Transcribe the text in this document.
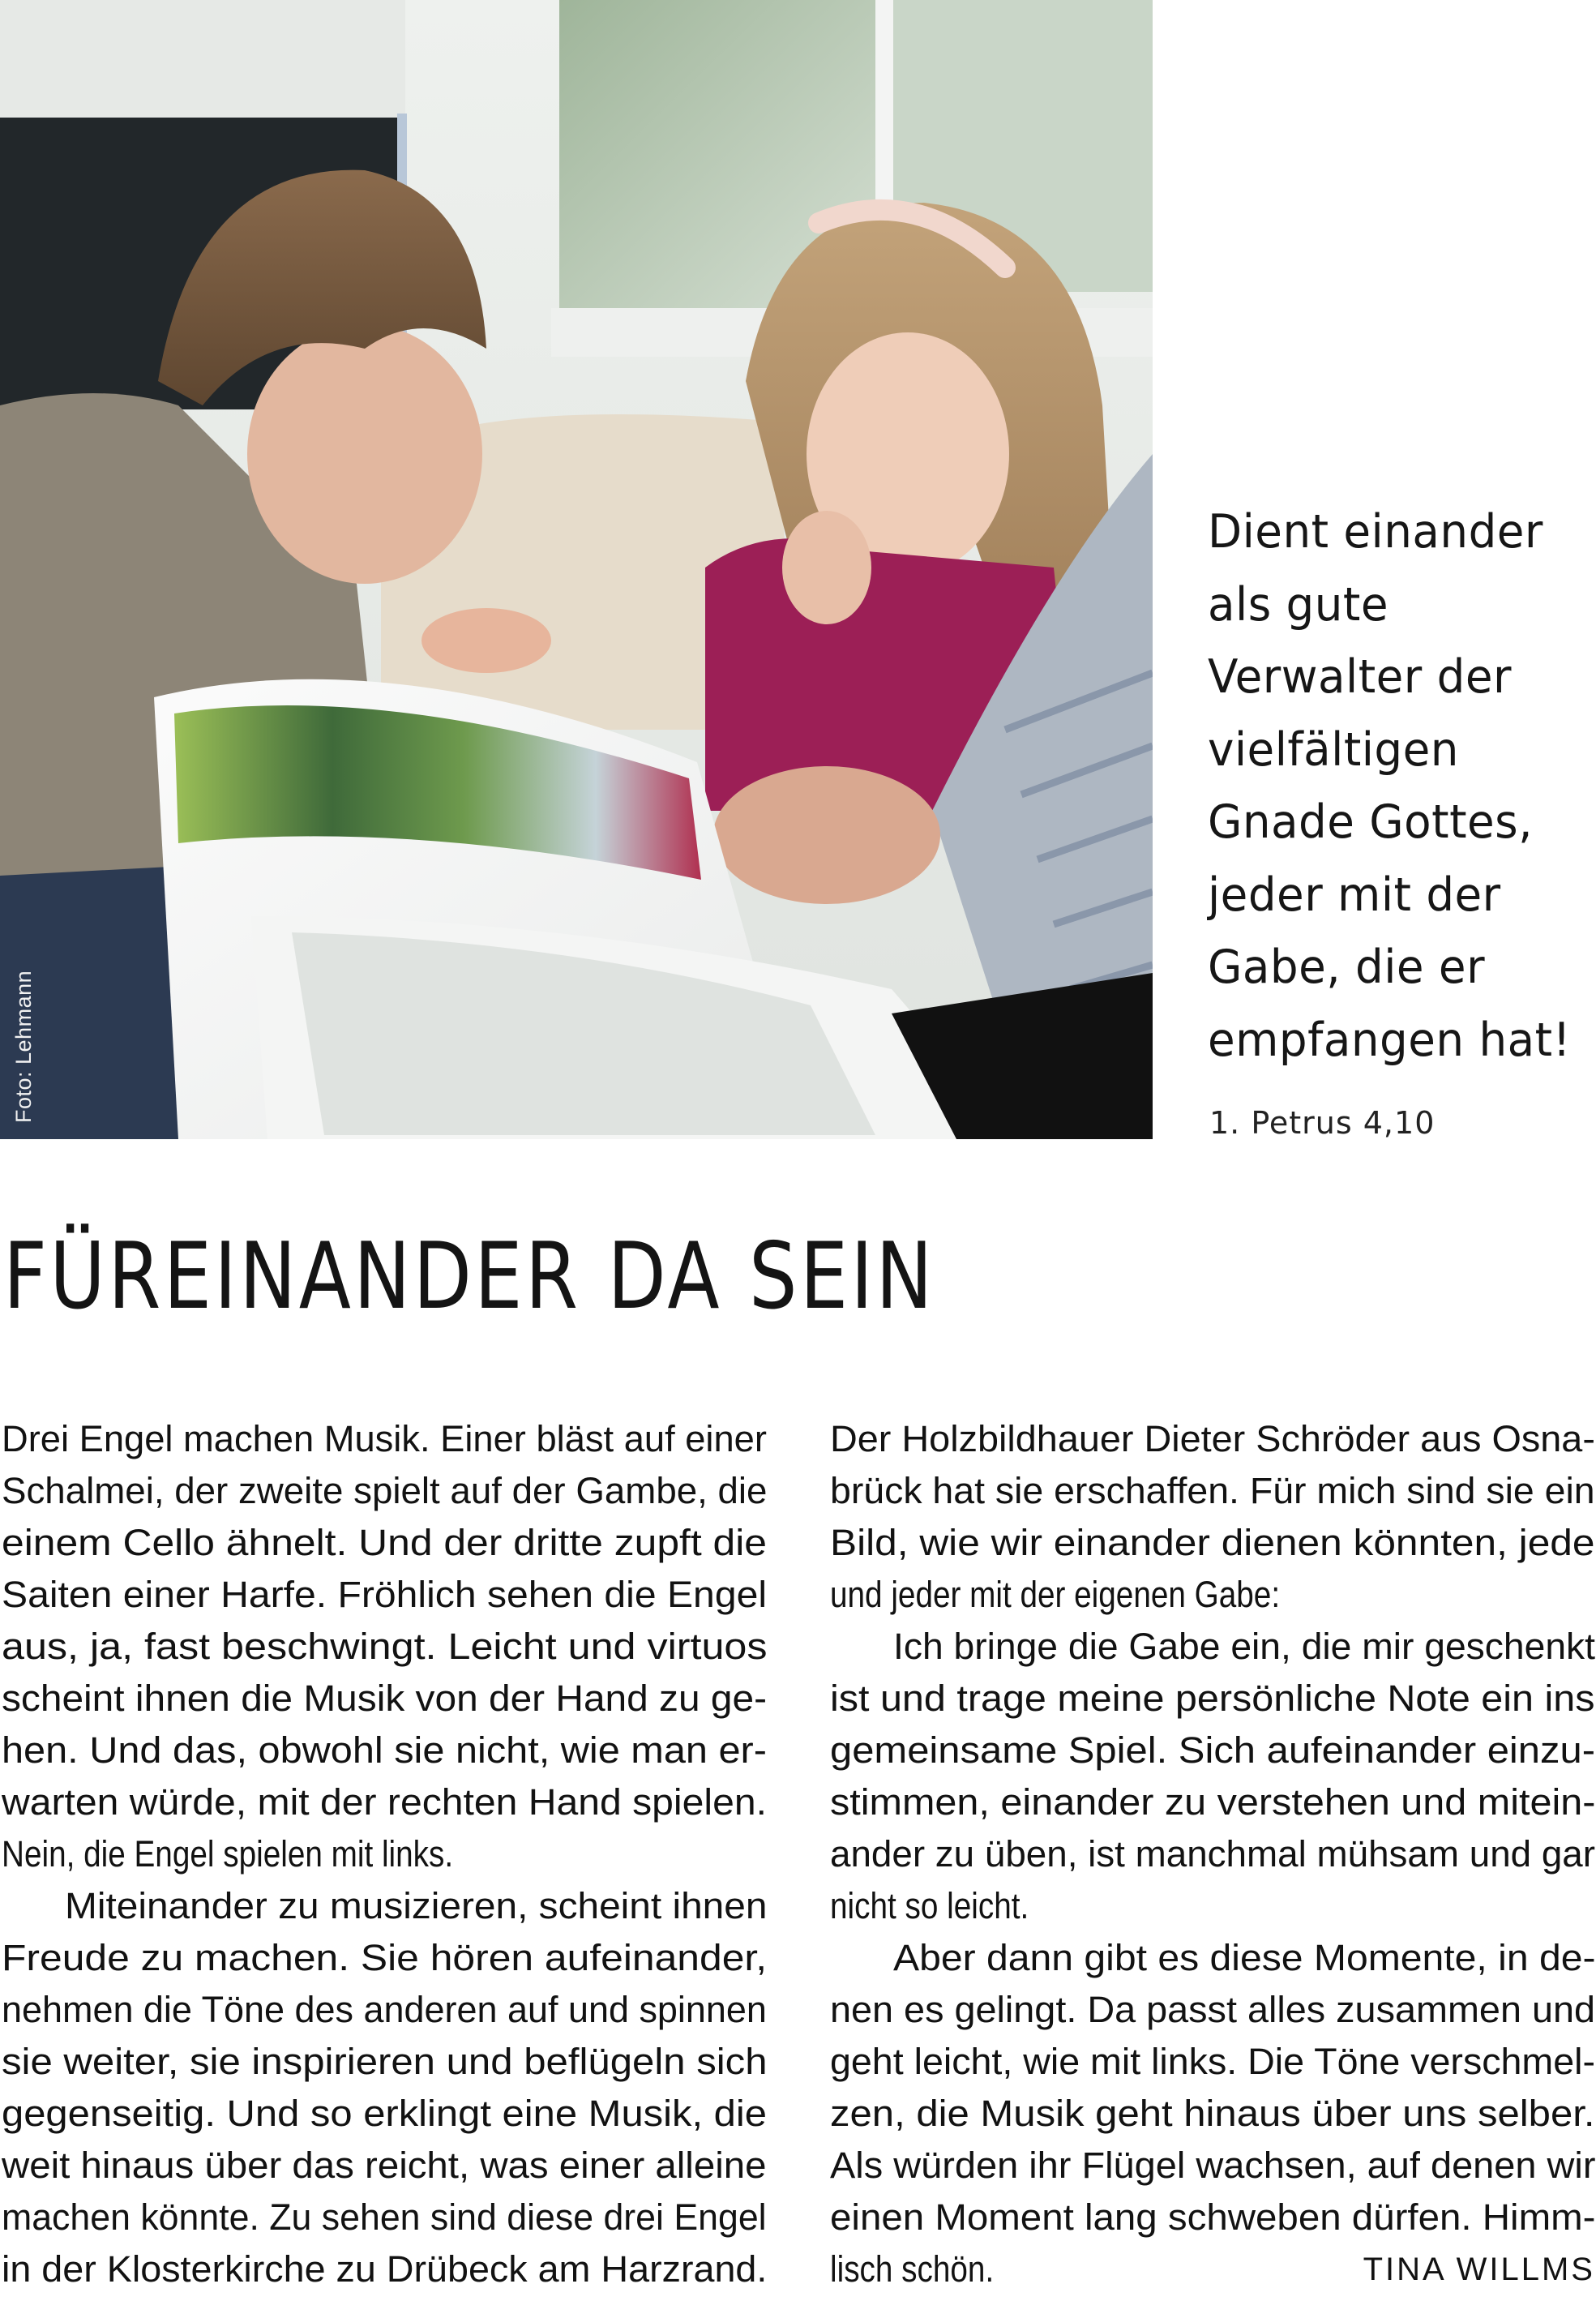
Foto: Lehmann
Dient einander
als gute
Verwalter der
vielfältigen
Gnade Gottes,
jeder mit der
Gabe, die er
empfangen hat!
1. Petrus 4,10
FÜREINANDER DA SEIN
Drei Engel machen Musik. Einer bläst auf einer
Schalmei, der zweite spielt auf der Gambe, die
einem Cello ähnelt. Und der dritte zupft die
Saiten einer Harfe. Fröhlich sehen die Engel
aus, ja, fast beschwingt. Leicht und virtuos
scheint ihnen die Musik von der Hand zu ge-
hen. Und das, obwohl sie nicht, wie man er-
warten würde, mit der rechten Hand spielen.
Nein, die Engel spielen mit links.
Miteinander zu musizieren, scheint ihnen
Freude zu machen. Sie hören aufeinander,
nehmen die Töne des anderen auf und spinnen
sie weiter, sie inspirieren und beflügeln sich
gegenseitig. Und so erklingt eine Musik, die
weit hinaus über das reicht, was einer alleine
machen könnte. Zu sehen sind diese drei Engel
in der Klosterkirche zu Drübeck am Harzrand.
Der Holzbildhauer Dieter Schröder aus Osna-
brück hat sie erschaffen. Für mich sind sie ein
Bild, wie wir einander dienen könnten, jede
und jeder mit der eigenen Gabe:
Ich bringe die Gabe ein, die mir geschenkt
ist und trage meine persönliche Note ein ins
gemeinsame Spiel. Sich aufeinander einzu-
stimmen, einander zu verstehen und mitein-
ander zu üben, ist manchmal mühsam und gar
nicht so leicht.
Aber dann gibt es diese Momente, in de-
nen es gelingt. Da passt alles zusammen und
geht leicht, wie mit links. Die Töne verschmel-
zen, die Musik geht hinaus über uns selber.
Als würden ihr Flügel wachsen, auf denen wir
einen Moment lang schweben dürfen. Himm-
lisch schön.	TINA WILLMS
